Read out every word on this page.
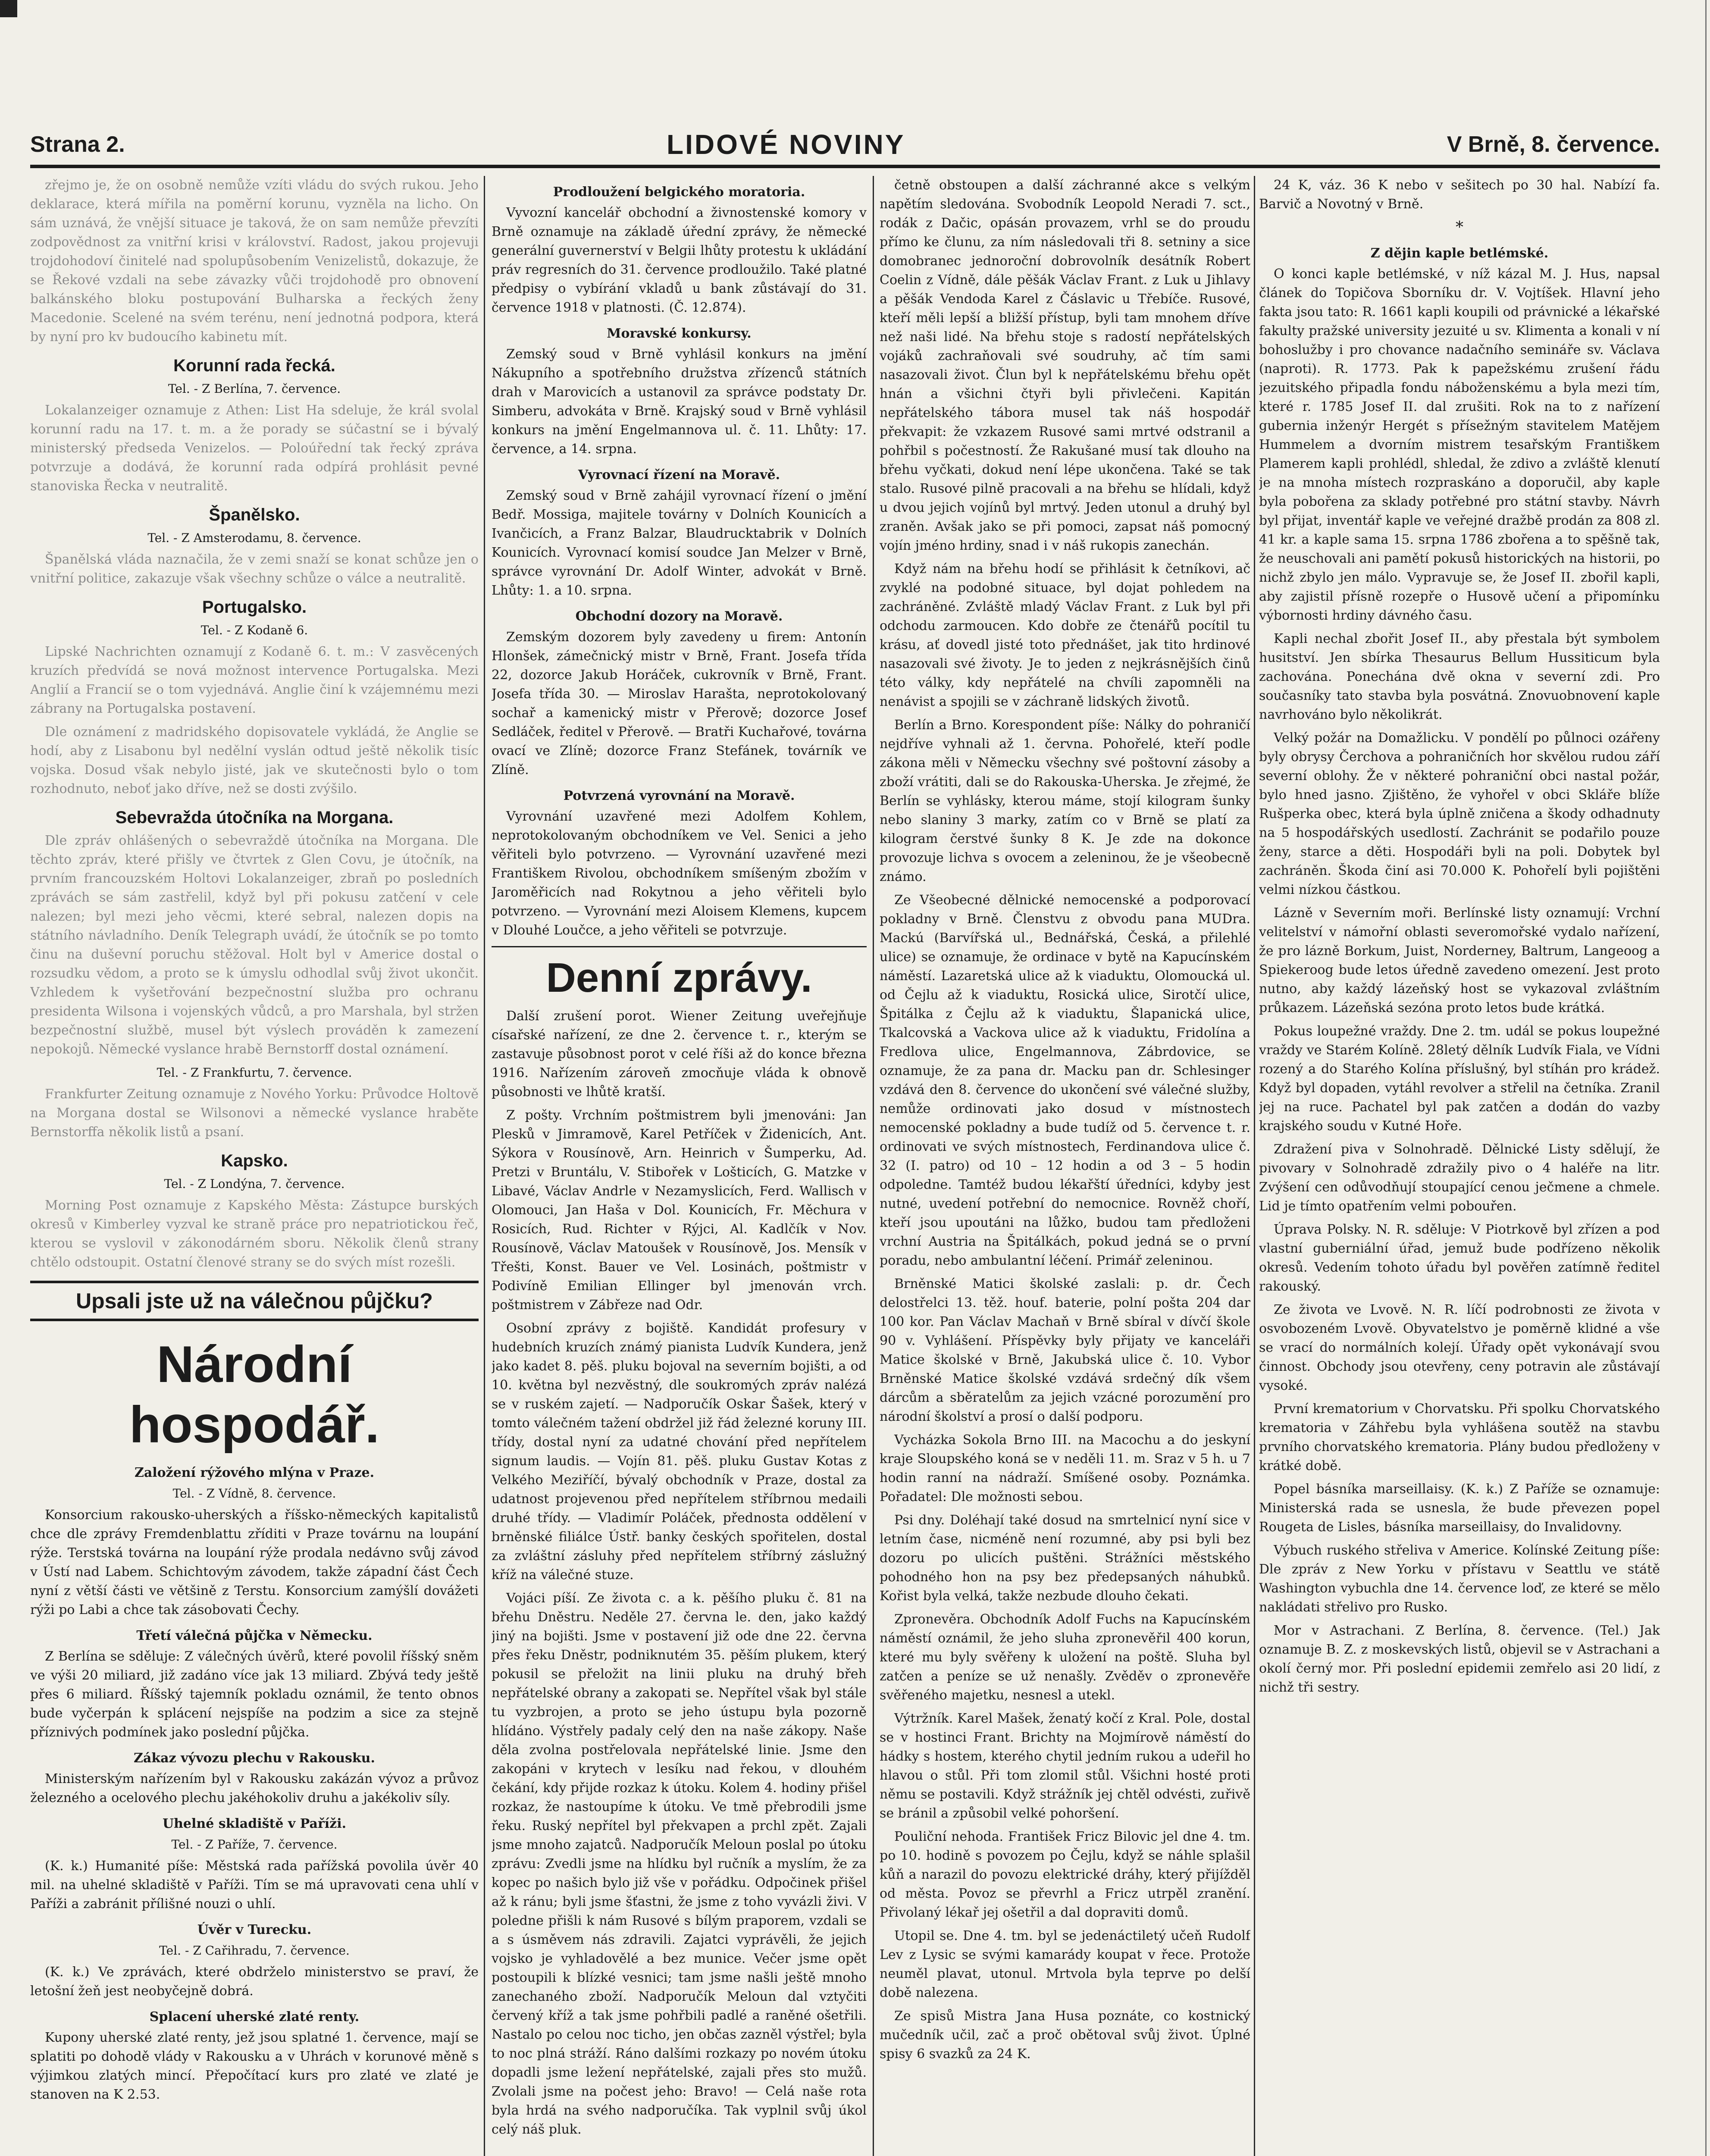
Strana 2.	LIDOVÉ NOVINY	V Brně, 8. července.

zřejmo je, že on osobně nemůže vzíti vládu do svých rukou. Jeho deklarace, která mířila na poměrní korunu, vyzněla na licho. On sám uznává, že vnější situace je taková, že on sam nemůže převzíti zodpovědnost za vnitřní krisi v království. Radost, jakou projevuji trojdohodoví činitelé nad spolupůsobením Venizelistů, dokazuje, že se Řekové vzdali na sebe závazky vůči trojdohodě pro obnovení balkánského bloku postupování Bulharska a řeckých ženy Macedonie. Scelené na svém terénu, není jednotná podpora, která by nyní pro kv budoucího kabinetu mít.

Korunní rada řecká.

Tel. - Z Berlína, 7. července.

Lokalanzeiger oznamuje z Athen: List Ha sdeluje, že král svolal korunní radu na 17. t. m. a že porady se súčastní se i bývalý ministerský předseda Venizelos. — Poloúřední tak řecký zpráva potvrzuje a dodává, že korunní rada odpírá prohlásit pevné stanoviska Řecka v neutralitě.

Španělsko.

Tel. - Z Amsterodamu, 8. července.

Španělská vláda naznačila, že v zemi snaží se konat schůze jen o vnitřní politice, zakazuje však všechny schůze o válce a neutralitě.

Portugalsko.

Tel. - Z Kodaně 6.

Lipské Nachrichten oznamují z Kodaně 6. t. m.: V zasvěcených kruzích předvídá se nová možnost intervence Portugalska. Mezi Anglií a Francií se o tom vyjednává. Anglie činí k vzájemnému mezi zábrany na Portugalska postavení.

Dle oznámení z madridského dopisovatele vykládá, že Anglie se hodí, aby z Lisabonu byl nedělní vyslán odtud ještě několik tisíc vojska. Dosud však nebylo jisté, jak ve skutečnosti bylo o tom rozhodnuto, neboť jako dříve, než se dosti zvýšilo.

Sebevražda útočníka na Morgana.

Dle zpráv ohlášených o sebevraždě útočníka na Morgana. Dle těchto zpráv, které přišly ve čtvrtek z Glen Covu, je útočník, na prvním francouzském Holtovi Lokalanzeiger, zbraň po posledních zprávách se sám zastřelil, když byl při pokusu zatčení v cele nalezen; byl mezi jeho věcmi, které sebral, nalezen dopis na státního návladního. Deník Telegraph uvádí, že útočník se po tomto činu na duševní poruchu stěžoval. Holt byl v Americe dostal o rozsudku vědom, a proto se k úmyslu odhodlal svůj život ukončit. Vzhledem k vyšetřování bezpečnostní služba pro ochranu presidenta Wilsona i vojenských vůdců, a pro Marshala, byl stržen bezpečnostní službě, musel být výslech prováděn k zamezení nepokojů. Německé vyslance hrabě Bernstorff dostal oznámení.

Tel. - Z Frankfurtu, 7. července.

Frankfurter Zeitung oznamuje z Nového Yorku: Průvodce Holtově na Morgana dostal se Wilsonovi a německé vyslance hraběte Bernstorffa několik listů a psaní.

Kapsko.

Tel. - Z Londýna, 7. července.

Morning Post oznamuje z Kapského Města: Zástupce burských okresů v Kimberley vyzval ke straně práce pro nepatriotickou řeč, kterou se vyslovil v zákonodárném sboru. Několik členů strany chtělo odstoupit. Ostatní členové strany se do svých míst rozešli.

Upsali jste už na válečnou půjčku?
Národní hospodář.

Založení rýžového mlýna v Praze.

Tel. - Z Vídně, 8. července.

Konsorcium rakousko-uherských a říšsko-německých kapitalistů chce dle zprávy Fremdenblattu zříditi v Praze továrnu na loupání rýže. Terstská továrna na loupání rýže prodala nedávno svůj závod v Ústí nad Labem. Schichtovým závodem, takže západní část Čech nyní z větší části ve většině z Terstu. Konsorcium zamýšlí dovážeti rýži po Labi a chce tak zásobovati Čechy.

Třetí válečná půjčka v Německu.

Z Berlína se sděluje: Z válečných úvěrů, které povolil říšský sněm ve výši 20 miliard, již zadáno více jak 13 miliard. Zbývá tedy ještě přes 6 miliard. Říšský tajemník pokladu oznámil, že tento obnos bude vyčerpán k splácení nejspíše na podzim a sice za stejně příznivých podmínek jako poslední půjčka.

Zákaz vývozu plechu v Rakousku.

Ministerským nařízením byl v Rakousku zakázán vývoz a průvoz železného a ocelového plechu jakéhokoliv druhu a jakékoliv síly.

Uhelné skladiště v Paříži.

Tel. - Z Paříže, 7. července.

(K. k.) Humanité píše: Městská rada pařížská povolila úvěr 40 mil. na uhelné skladiště v Paříži. Tím se má upravovati cena uhlí v Paříži a zabránit přílišné nouzi o uhlí.

Úvěr v Turecku.

Tel. - Z Cařihradu, 7. července.

(K. k.) Ve zprávách, které obdrželo ministerstvo se praví, že letošní žeň jest neobyčejně dobrá.

Splacení uherské zlaté renty.

Kupony uherské zlaté renty, jež jsou splatné 1. července, mají se splatiti po dohodě vlády v Rakousku a v Uhrách v korunové měně s výjimkou zlatých mincí. Přepočítací kurs pro zlaté ve zlaté je stanoven na K 2.53.

Prodloužení belgického moratoria.

Vyvozní kancelář obchodní a živnostenské komory v Brně oznamuje na základě úřední zprávy, že německé generální guvernerství v Belgii lhůty protestu k ukládání práv regresních do 31. července prodloužilo. Také platné předpisy o vybírání vkladů u bank zůstávají do 31. července 1918 v platnosti. (Č. 12.874).

Moravské konkursy.

Zemský soud v Brně vyhlásil konkurs na jmění Nákupního a spotřebního družstva zřízenců státních drah v Marovicích a ustanovil za správce podstaty Dr. Simberu, advokáta v Brně. Krajský soud v Brně vyhlásil konkurs na jmění Engelmannova ul. č. 11. Lhůty: 17. července, a 14. srpna.

Vyrovnací řízení na Moravě.

Zemský soud v Brně zahájil vyrovnací řízení o jmění Bedř. Mossiga, majitele továrny v Dolních Kounicích a Ivančicích, a Franz Balzar, Blaudrucktabrik v Dolních Kounicích. Vyrovnací komisí soudce Jan Melzer v Brně, správce vyrovnání Dr. Adolf Winter, advokát v Brně. Lhůty: 1. a 10. srpna.

Obchodní dozory na Moravě.

Zemským dozorem byly zavedeny u firem: Antonín Hlonšek, zámečnický mistr v Brně, Frant. Josefa třída 22, dozorce Jakub Horáček, cukrovník v Brně, Frant. Josefa třída 30. — Miroslav Harašta, neprotokolovaný sochař a kamenický mistr v Přerově; dozorce Josef Sedláček, ředitel v Přerově. — Bratři Kuchařové, továrna ovací ve Zlíně; dozorce Franz Stefánek, továrník ve Zlíně.

Potvrzená vyrovnání na Moravě.

Vyrovnání uzavřené mezi Adolfem Kohlem, neprotokolovaným obchodníkem ve Vel. Senici a jeho věřiteli bylo potvrzeno. — Vyrovnání uzavřené mezi Františkem Rivolou, obchodníkem smíšeným zbožím v Jaroměřicích nad Rokytnou a jeho věřiteli bylo potvrzeno. — Vyrovnání mezi Aloisem Klemens, kupcem v Dlouhé Loučce, a jeho věřiteli se potvrzuje.

Denní zprávy.

Další zrušení porot. Wiener Zeitung uveřejňuje císařské nařízení, ze dne 2. července t. r., kterým se zastavuje působnost porot v celé říši až do konce března 1916. Nařízením zároveň zmocňuje vláda k obnově působnosti ve lhůtě kratší.

Z pošty. Vrchním poštmistrem byli jmenováni: Jan Plesků v Jimramově, Karel Petříček v Židenicích, Ant. Sýkora v Rousínově, Arn. Heinrich v Šumperku, Ad. Pretzi v Bruntálu, V. Stibořek v Lošticích, G. Matzke v Libavé, Václav Andrle v Nezamyslicích, Ferd. Wallisch v Olomouci, Jan Haša v Dol. Kounicích, Fr. Měchura v Rosicích, Rud. Richter v Rýjci, Al. Kadlčík v Nov. Rousínově, Václav Matoušek v Rousínově, Jos. Mensík v Třešti, Konst. Bauer ve Vel. Losinách, poštmistr v Podivíně Emilian Ellinger byl jmenován vrch. poštmistrem v Zábřeze nad Odr.

Osobní zprávy z bojiště. Kandidát profesury v hudebních kruzích známý pianista Ludvík Kundera, jenž jako kadet 8. pěš. pluku bojoval na severním bojišti, a od 10. května byl nezvěstný, dle soukromých zpráv nalézá se v ruském zajetí. — Nadporučík Oskar Šašek, který v tomto válečném tažení obdržel již řád železné koruny III. třídy, dostal nyní za udatné chování před nepřítelem signum laudis. — Vojín 81. pěš. pluku Gustav Kotas z Velkého Meziříčí, bývalý obchodník v Praze, dostal za udatnost projevenou před nepřítelem stříbrnou medaili druhé třídy. — Vladimír Poláček, přednosta oddělení v brněnské filiálce Ústř. banky českých spořitelen, dostal za zvláštní zásluhy před nepřítelem stříbrný záslužný kříž na válečné stuze.

Vojáci píší. Ze života c. a k. pěšího pluku č. 81 na břehu Dněstru. Neděle 27. června le. den, jako každý jiný na bojišti. Jsme v postavení již ode dne 22. června přes řeku Dněstr, podniknutém 35. pěším plukem, který pokusil se přeložit na linii pluku na druhý břeh nepřátelské obrany a zakopati se. Nepřítel však byl stále tu vyzbrojen, a proto se jeho ústupu byla pozorně hlídáno. Výstřely padaly celý den na naše zákopy. Naše děla zvolna postřelovala nepřátelské linie. Jsme den zakopáni v krytech v lesíku nad řekou, v dlouhém čekání, kdy přijde rozkaz k útoku. Kolem 4. hodiny přišel rozkaz, že nastoupíme k útoku. Ve tmě přebrodili jsme řeku. Ruský nepřítel byl překvapen a prchl zpět. Zajali jsme mnoho zajatců. Nadporučík Meloun poslal po útoku zprávu: Zvedli jsme na hlídku byl ručník a myslím, že za kopec po našich bylo již vše v pořádku. Odpočinek přišel až k ránu; byli jsme šťastni, že jsme z toho vyvázli živi. V poledne přišli k nám Rusové s bílým praporem, vzdali se a s úsměvem nás zdravili. Zajatci vyprávěli, že jejich vojsko je vyhladovělé a bez munice. Večer jsme opět postoupili k blízké vesnici; tam jsme našli ještě mnoho zanechaného zboží. Nadporučík Meloun dal vztyčiti červený kříž a tak jsme pohřbili padlé a raněné ošetřili. Nastalo po celou noc ticho, jen občas zazněl výstřel; byla to noc plná stráží. Ráno dalšími rozkazy po novém útoku dopadli jsme ležení nepřátelské, zajali přes sto mužů. Zvolali jsme na počest jeho: Bravo! — Celá naše rota byla hrdá na svého nadporučíka. Tak vyplnil svůj úkol celý náš pluk.

četně obstoupen a další záchranné akce s velkým napětím sledována. Svobodník Leopold Neradi 7. sct., rodák z Dačic, opásán provazem, vrhl se do proudu přímo ke člunu, za ním následovali tři 8. setniny a sice domobranec jednoroční dobrovolník desátník Robert Coelin z Vídně, dále pěšák Václav Frant. z Luk u Jihlavy a pěšák Vendoda Karel z Čáslavic u Třebíče. Rusové, kteří měli lepší a bližší přístup, byli tam mnohem dříve než naši lidé. Na břehu stoje s radostí nepřátelských vojáků zachraňovali své soudruhy, ač tím sami nasazovali život. Člun byl k nepřátelskému břehu opět hnán a všichni čtyři byli přivlečeni. Kapitán nepřátelského tábora musel tak náš hospodář překvapit: že vzkazem Rusové sami mrtvé odstranil a pohřbil s počestností. Že Rakušané musí tak dlouho na břehu vyčkati, dokud není lépe ukončena. Také se tak stalo. Rusové pilně pracovali a na břehu se hlídali, když u dvou jejich vojínů byl mrtvý. Jeden utonul a druhý byl zraněn. Avšak jako se při pomoci, zapsat náš pomocný vojín jméno hrdiny, snad i v náš rukopis zanechán.

Když nám na břehu hodí se přihlásit k četníkovi, ač zvyklé na podobné situace, byl dojat pohledem na zachráněné. Zvláště mladý Václav Frant. z Luk byl při odchodu zarmoucen. Kdo dobře ze čtenářů pocítil tu krásu, ať dovedl jisté toto přednášet, jak tito hrdinové nasazovali své životy. Je to jeden z nejkrásnějších činů této války, kdy nepřátelé na chvíli zapomněli na nenávist a spojili se v záchraně lidských životů.

Berlín a Brno. Korespondent píše: Nálky do pohraničí nejdříve vyhnali až 1. června. Pohořelé, kteří podle zákona měli v Německu všechny své poštovní zásoby a zboží vrátiti, dali se do Rakouska-Uherska. Je zřejmé, že Berlín se vyhlásky, kterou máme, stojí kilogram šunky nebo slaniny 3 marky, zatím co v Brně se platí za kilogram čerstvé šunky 8 K. Je zde na dokonce provozuje lichva s ovocem a zeleninou, že je všeobecně známo.

Ze Všeobecné dělnické nemocenské a podporovací pokladny v Brně. Členstvu z obvodu pana MUDra. Mackú (Barvířská ul., Bednářská, Česká, a přilehlé ulice) se oznamuje, že ordinace v bytě na Kapucínském náměstí. Lazaretská ulice až k viaduktu, Olomoucká ul. od Čejlu až k viaduktu, Rosická ulice, Sirotčí ulice, Špitálka z Čejlu až k viaduktu, Šlapanická ulice, Tkalcovská a Vackova ulice až k viaduktu, Fridolína a Fredlova ulice, Engelmannova, Zábrdovice, se oznamuje, že za pana dr. Macku pan dr. Schlesinger vzdává den 8. července do ukončení své válečné služby, nemůže ordinovati jako dosud v místnostech nemocenské pokladny a bude tudíž od 5. července t. r. ordinovati ve svých místnostech, Ferdinandova ulice č. 32 (I. patro) od 10 – 12 hodin a od 3 – 5 hodin odpoledne. Tamtéž budou lékařští úředníci, kdyby jest nutné, uvedení potřební do nemocnice. Rovněž choří, kteří jsou upoutáni na lůžko, budou tam předloženi vrchní Austria na Špitálkách, pokud jedná se o první poradu, nebo ambulantní léčení. Primář zeleninou.

Brněnské Matici školské zaslali: p. dr. Čech delostřelci 13. těž. houf. baterie, polní pošta 204 dar 100 kor. Pan Václav Machaň v Brně sbíral v dívčí škole 90 v. Vyhlášení. Příspěvky byly přijaty ve kanceláři Matice školské v Brně, Jakubská ulice č. 10. Vybor Brněnské Matice školské vzdává srdečný dík všem dárcům a sběratelům za jejich vzácné porozumění pro národní školství a prosí o další podporu.

Vycházka Sokola Brno III. na Macochu a do jeskyní kraje Sloupského koná se v neděli 11. m. Sraz v 5 h. u 7 hodin ranní na nádraží. Smíšené osoby. Poznámka. Pořadatel: Dle možnosti sebou.

Psi dny. Doléhají také dosud na smrtelnicí nyní sice v letním čase, nicméně není rozumné, aby psi byli bez dozoru po ulicích puštěni. Strážníci městského pohodného hon na psy bez předepsaných náhubků. Kořist byla velká, takže nezbude dlouho čekati.

Zpronevěra. Obchodník Adolf Fuchs na Kapucínském náměstí oznámil, že jeho sluha zpronevěřil 400 korun, které mu byly svěřeny k uložení na poště. Sluha byl zatčen a peníze se už nenašly. Zvěděv o zpronevěře svěřeného majetku, nesnesl a utekl.

Výtržník. Karel Mašek, ženatý kočí z Kral. Pole, dostal se v hostinci Frant. Brichty na Mojmírově náměstí do hádky s hostem, kterého chytil jedním rukou a udeřil ho hlavou o stůl. Při tom zlomil stůl. Všichni hosté proti němu se postavili. Když strážník jej chtěl odvésti, zuřivě se bránil a způsobil velké pohoršení.

Pouliční nehoda. František Fricz Bilovic jel dne 4. tm. po 10. hodině s povozem po Čejlu, když se náhle splašil kůň a narazil do povozu elektrické dráhy, který přijížděl od města. Povoz se převrhl a Fricz utrpěl zranění. Přivolaný lékař jej ošetřil a dal dopraviti domů.

Utopil se. Dne 4. tm. byl se jedenáctiletý učeň Rudolf Lev z Lysic se svými kamarády koupat v řece. Protože neuměl plavat, utonul. Mrtvola byla teprve po delší době nalezena.

Ze spisů Mistra Jana Husa poznáte, co kostnický mučedník učil, zač a proč obětoval svůj život. Úplné spisy 6 svazků za 24 K.

24 K, váz. 36 K nebo v sešitech po 30 hal. Nabízí fa. Barvič a Novotný v Brně.

*

Z dějin kaple betlémské.

O konci kaple betlémské, v níž kázal M. J. Hus, napsal článek do Topičova Sborníku dr. V. Vojtíšek. Hlavní jeho fakta jsou tato: R. 1661 kapli koupili od právnické a lékařské fakulty pražské university jezuité u sv. Klimenta a konali v ní bohoslužby i pro chovance nadačního semináře sv. Václava (naproti). R. 1773. Pak k papežskému zrušení řádu jezuitského připadla fondu náboženskému a byla mezi tím, které r. 1785 Josef II. dal zrušiti. Rok na to z nařízení gubernia inženýr Hergét s přísežným stavitelem Matějem Hummelem a dvorním mistrem tesařským Františkem Plamerem kapli prohlédl, shledal, že zdivo a zvláště klenutí je na mnoha místech rozpraskáno a doporučil, aby kaple byla pobořena za sklady potřebné pro státní stavby. Návrh byl přijat, inventář kaple ve veřejné dražbě prodán za 808 zl. 41 kr. a kaple sama 15. srpna 1786 zbořena a to spěšně tak, že neuschovali ani pamětí pokusů historických na historii, po nichž zbylo jen málo. Vypravuje se, že Josef II. zbořil kapli, aby zajistil přísně rozepře o Husově učení a připomínku výbornosti hrdiny dávného času.

Kapli nechal zbořit Josef II., aby přestala být symbolem husitství. Jen sbírka Thesaurus Bellum Hussiticum byla zachována. Ponechána dvě okna v severní zdi. Pro současníky tato stavba byla posvátná. Znovuobnovení kaple navrhováno bylo několikrát.

Velký požár na Domažlicku. V pondělí po půlnoci ozářeny byly obrysy Čerchova a pohraničních hor skvělou rudou září severní oblohy. Že v některé pohraniční obci nastal požár, bylo hned jasno. Zjištěno, že vyhořel v obci Skláře blíže Rušperka obec, která byla úplně zničena a škody odhadnuty na 5 hospodářských usedlostí. Zachránit se podařilo pouze ženy, starce a děti. Hospodáři byli na poli. Dobytek byl zachráněn. Škoda činí asi 70.000 K. Pohořelí byli pojištěni velmi nízkou částkou.

Lázně v Severním moři. Berlínské listy oznamují: Vrchní velitelství v námořní oblasti severomořské vydalo nařízení, že pro lázně Borkum, Juist, Norderney, Baltrum, Langeoog a Spiekeroog bude letos úředně zavedeno omezení. Jest proto nutno, aby každý lázeňský host se vykazoval zvláštním průkazem. Lázeňská sezóna proto letos bude krátká.

Pokus loupežné vraždy. Dne 2. tm. udál se pokus loupežné vraždy ve Starém Kolíně. 28letý dělník Ludvík Fiala, ve Vídni rozený a do Starého Kolína příslušný, byl stíhán pro krádež. Když byl dopaden, vytáhl revolver a střelil na četníka. Zranil jej na ruce. Pachatel byl pak zatčen a dodán do vazby krajského soudu v Kutné Hoře.

Zdražení piva v Solnohradě. Dělnické Listy sdělují, že pivovary v Solnohradě zdražily pivo o 4 haléře na litr. Zvýšení cen odůvodňují stoupající cenou ječmene a chmele. Lid je tímto opatřením velmi pobouřen.

Úprava Polsky. N. R. sděluje: V Piotrkově byl zřízen a pod vlastní guberniální úřad, jemuž bude podřízeno několik okresů. Vedením tohoto úřadu byl pověřen zatímně ředitel rakouský.

Ze života ve Lvově. N. R. líčí podrobnosti ze života v osvobozeném Lvově. Obyvatelstvo je poměrně klidné a vše se vrací do normálních kolejí. Úřady opět vykonávají svou činnost. Obchody jsou otevřeny, ceny potravin ale zůstávají vysoké.

První krematorium v Chorvatsku. Při spolku Chorvatského krematoria v Záhřebu byla vyhlášena soutěž na stavbu prvního chorvatského krematoria. Plány budou předloženy v krátké době.

Popel básníka marseillaisy. (K. k.) Z Paříže se oznamuje: Ministerská rada se usnesla, že bude převezen popel Rougeta de Lisles, básníka marseillaisy, do Invalidovny.

Výbuch ruského střeliva v Americe. Kolínské Zeitung píše: Dle zpráv z New Yorku v přístavu v Seattlu ve státě Washington vybuchla dne 14. července loď, ze které se mělo nakládati střelivo pro Rusko.

Mor v Astrachani. Z Berlína, 8. července. (Tel.) Jak oznamuje B. Z. z moskevských listů, objevil se v Astrachani a okolí černý mor. Při poslední epidemii zemřelo asi 20 lidí, z nichž tři sestry.
